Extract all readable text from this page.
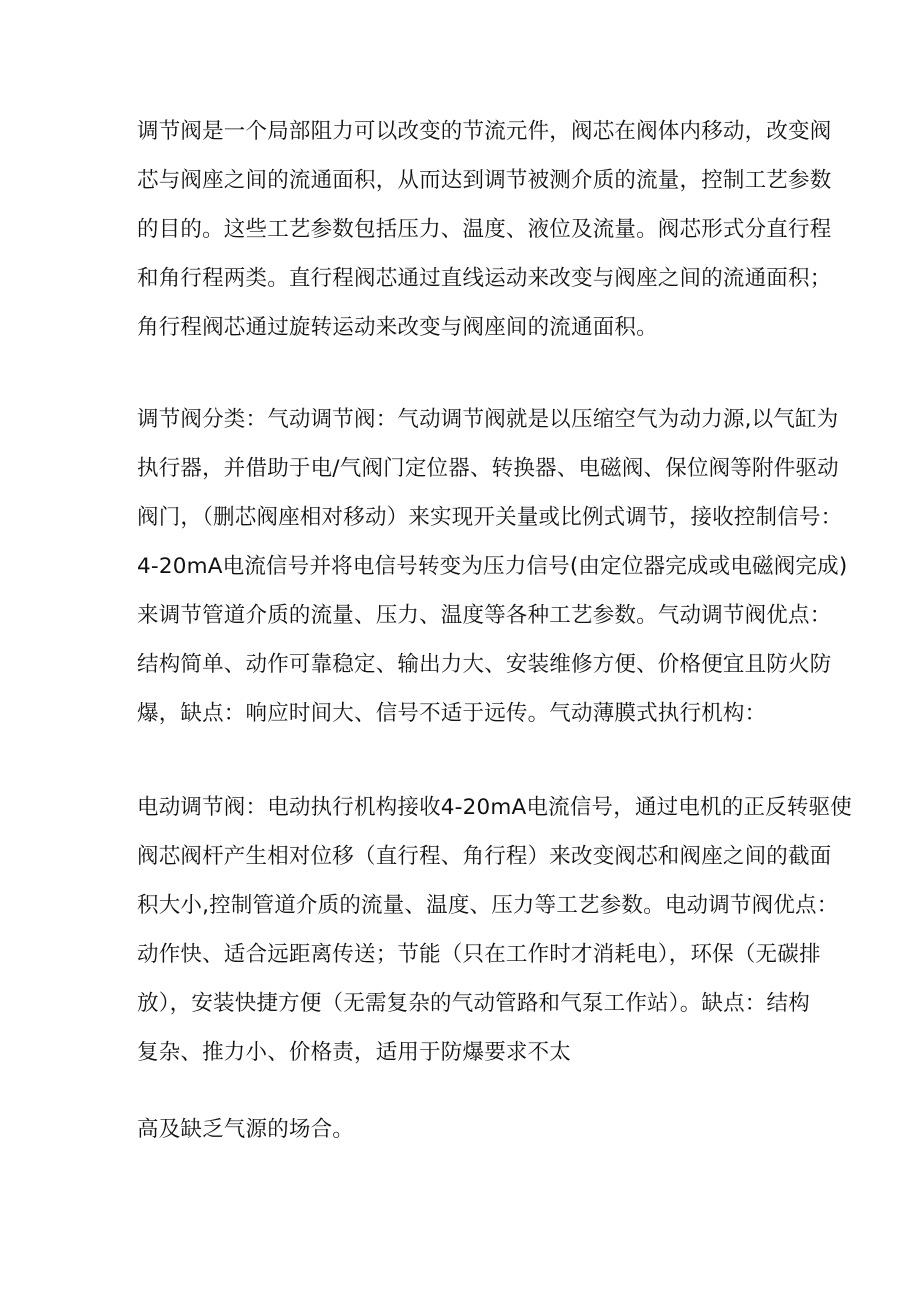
调节阀是一个局部阻力可以改变的节流元件，阀芯在阀体内移动，改变阀
芯与阀座之间的流通面积，从而达到调节被测介质的流量，控制工艺参数
的目的。这些工艺参数包括压力、温度、液位及流量。阀芯形式分直行程
和角行程两类。直行程阀芯通过直线运动来改变与阀座之间的流通面积；
角行程阀芯通过旋转运动来改变与阀座间的流通面积。
调节阀分类：气动调节阀：气动调节阀就是以压缩空气为动力源,以气缸为
执行器，并借助于电/气阀门定位器、转换器、电磁阀、保位阀等附件驱动
阀门，（删芯阀座相对移动）来实现开关量或比例式调节，接收控制信号：
4-20mA电流信号并将电信号转变为压力信号(由定位器完成或电磁阀完成)
来调节管道介质的流量、压力、温度等各种工艺参数。气动调节阀优点：
结构简单、动作可靠稳定、输出力大、安装维修方便、价格便宜且防火防
爆，缺点：响应时间大、信号不适于远传。气动薄膜式执行机构：
电动调节阀：电动执行机构接收4-20mA电流信号，通过电机的正反转驱使
阀芯阀杆产生相对位移（直行程、角行程）来改变阀芯和阀座之间的截面
积大小,控制管道介质的流量、温度、压力等工艺参数。电动调节阀优点：
动作快、适合远距离传送；节能（只在工作时才消耗电），环保（无碳排
放），安装快捷方便（无需复杂的气动管路和气泵工作站）。缺点：结构
复杂、推力小、价格责，适用于防爆要求不太
高及缺乏气源的场合。
